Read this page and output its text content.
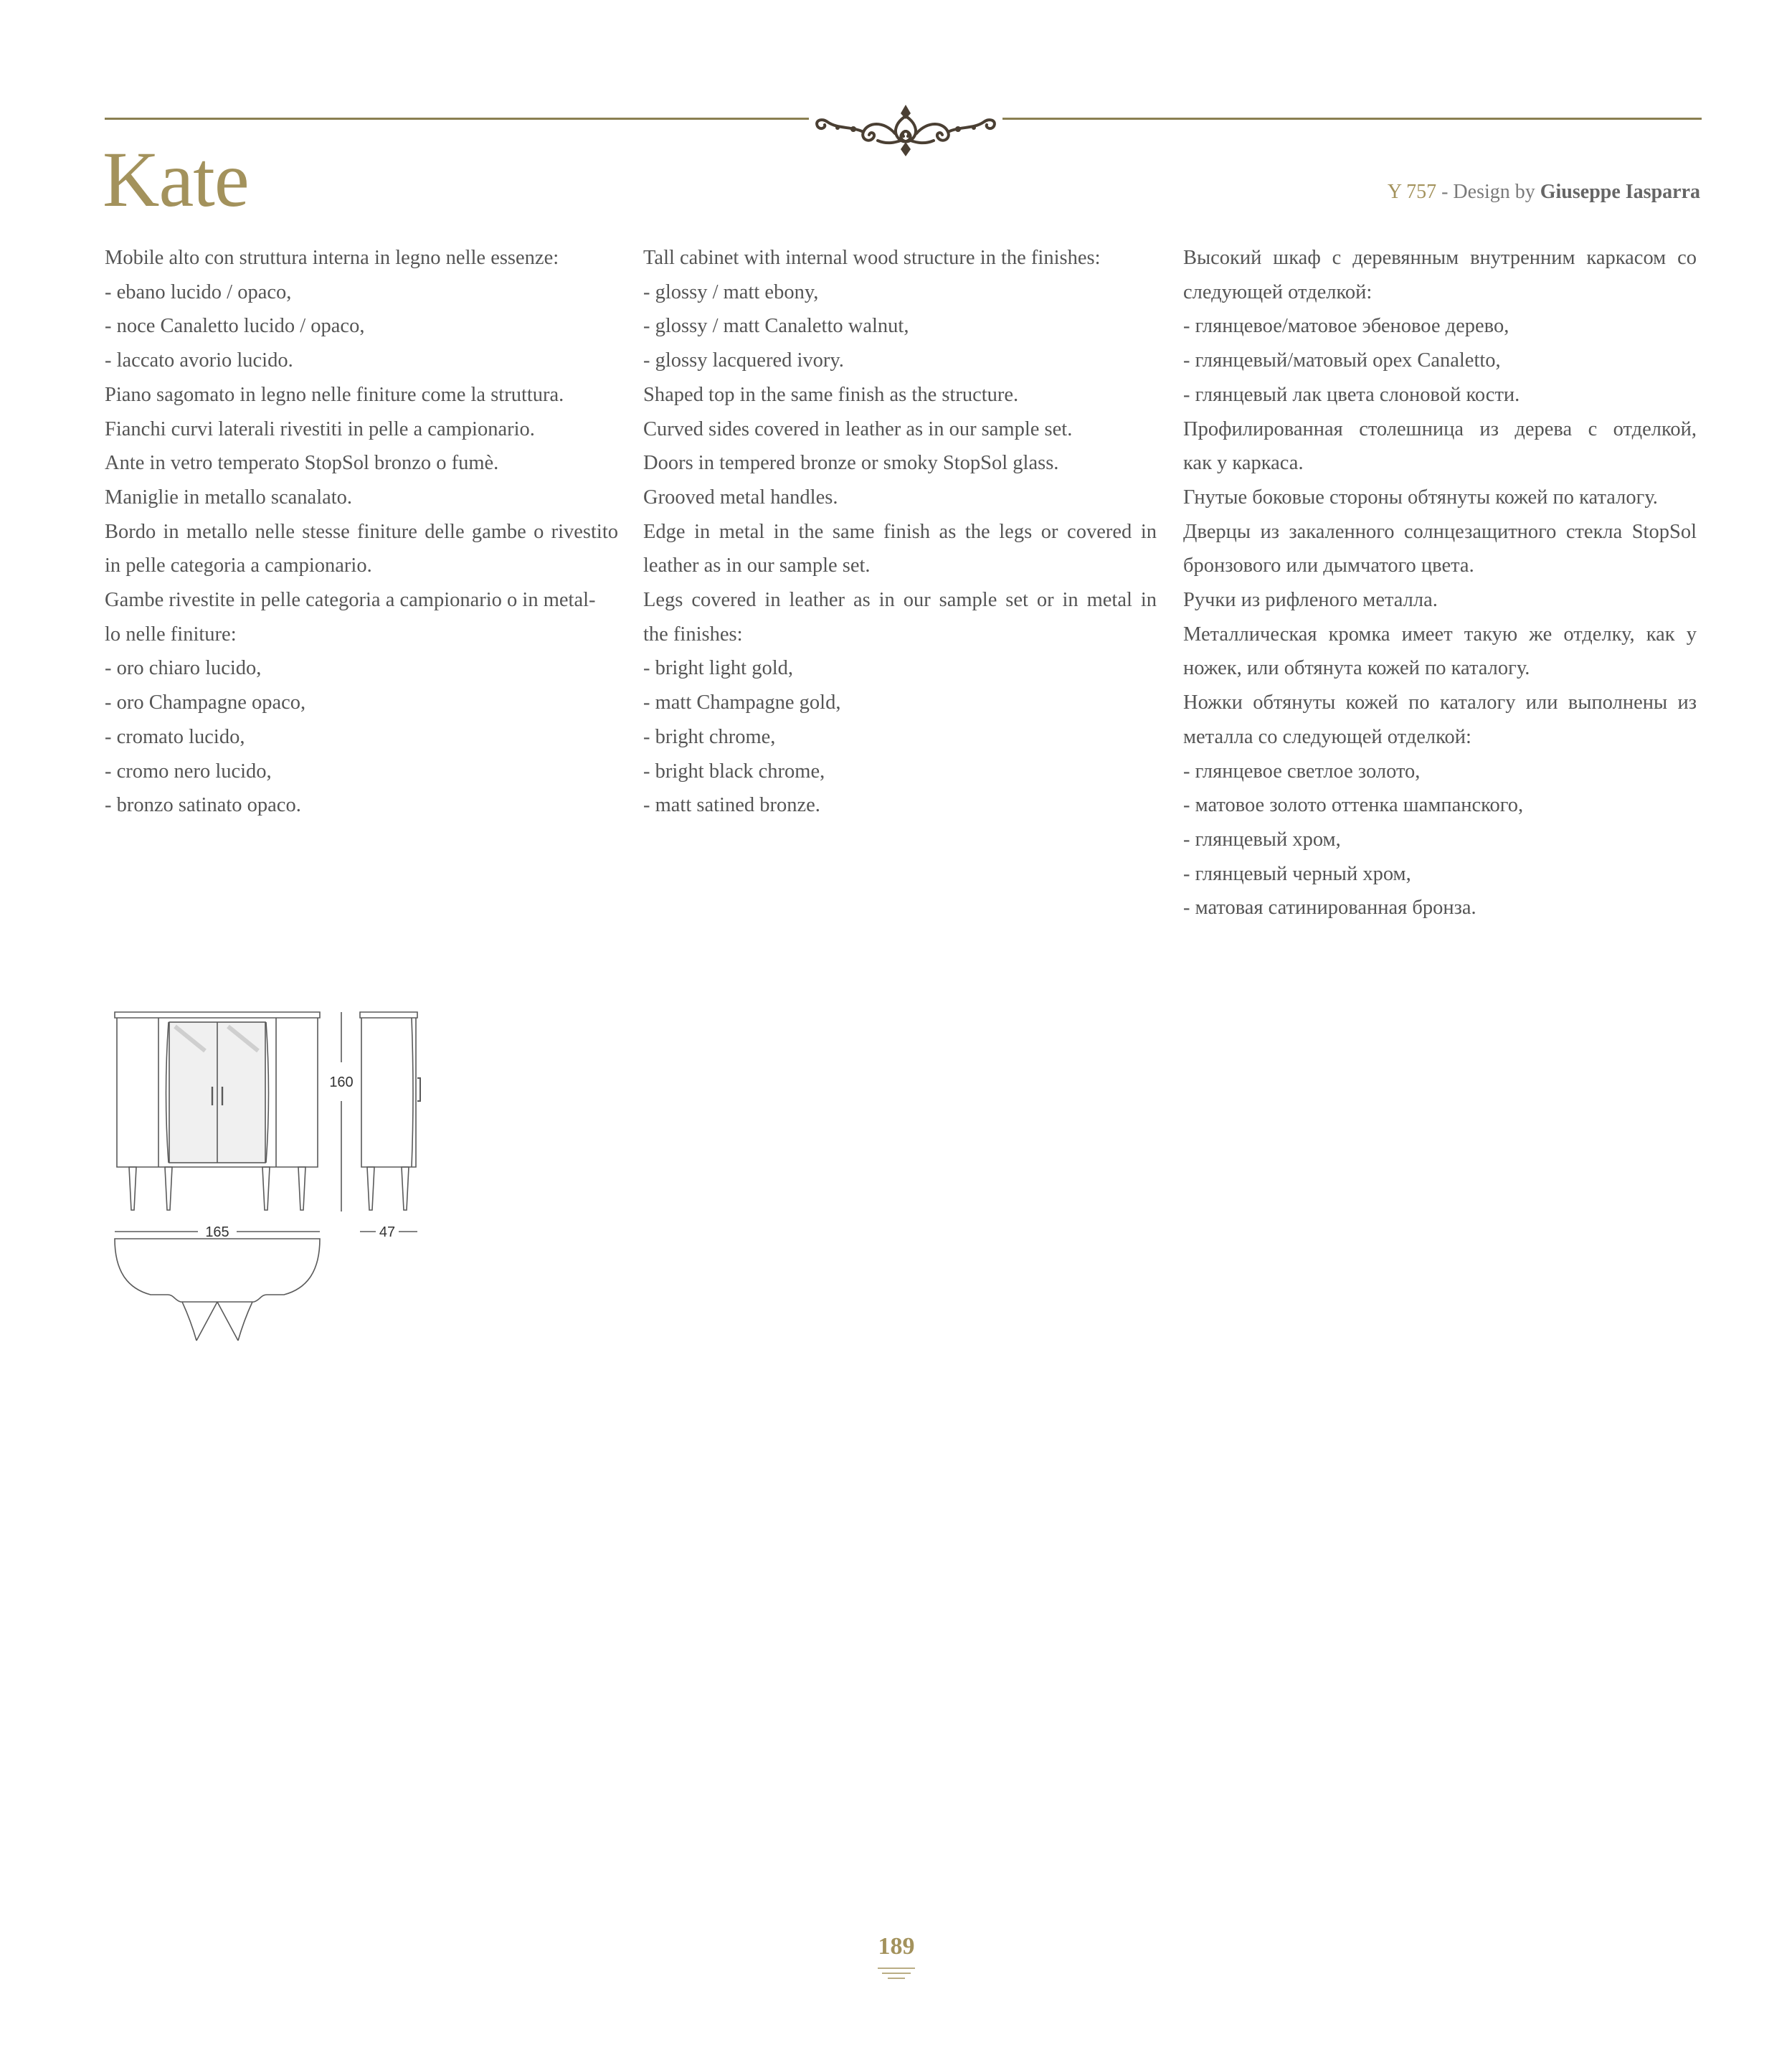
Kate	Y 757 - Design by Giuseppe Iasparra
Mobile alto con struttura interna in legno nelle essenze:
- ebano lucido / opaco,
- noce Canaletto lucido / opaco,
- laccato avorio lucido.
Piano sagomato in legno nelle finiture come la struttura.
Fianchi curvi laterali rivestiti in pelle a campionario.
Ante in vetro temperato StopSol bronzo o fumè.
Maniglie in metallo scanalato.
Bordo in metallo nelle stesse finiture delle gambe o rivestito
in pelle categoria a campionario.
Gambe rivestite in pelle categoria a campionario o in metal-
lo nelle finiture:
- oro chiaro lucido,
- oro Champagne opaco,
- cromato lucido,
- cromo nero lucido,
- bronzo satinato opaco.
Tall cabinet with internal wood structure in the finishes:
- glossy / matt ebony,
- glossy / matt Canaletto walnut,
- glossy lacquered ivory.
Shaped top in the same finish as the structure.
Curved sides covered in leather as in our sample set.
Doors in tempered bronze or smoky StopSol glass.
Grooved metal handles.
Edge in metal in the same finish as the legs or covered in
leather as in our sample set.
Legs covered in leather as in our sample set or in metal in
the finishes:
- bright light gold,
- matt Champagne gold,
- bright chrome,
- bright black chrome,
- matt satined bronze.
Высокий шкаф с деревянным внутренним каркасом со
следующей отделкой:
- глянцевое/матовое эбеновое дерево,
- глянцевый/матовый орех Canaletto,
- глянцевый лак цвета слоновой кости.
Профилированная столешница из дерева с отделкой,
как у каркаса.
Гнутые боковые стороны обтянуты кожей по каталогу.
Дверцы из закаленного солнцезащитного стекла StopSol
бронзового или дымчатого цвета.
Ручки из рифленого металла.
Металлическая кромка имеет такую же отделку, как у
ножек, или обтянута кожей по каталогу.
Ножки обтянуты кожей по каталогу или выполнены из
металла со следующей отделкой:
- глянцевое светлое золото,
- матовое золото оттенка шампанского,
- глянцевый хром,
- глянцевый черный хром,
- матовая сатинированная бронза.
160
165	47
189
